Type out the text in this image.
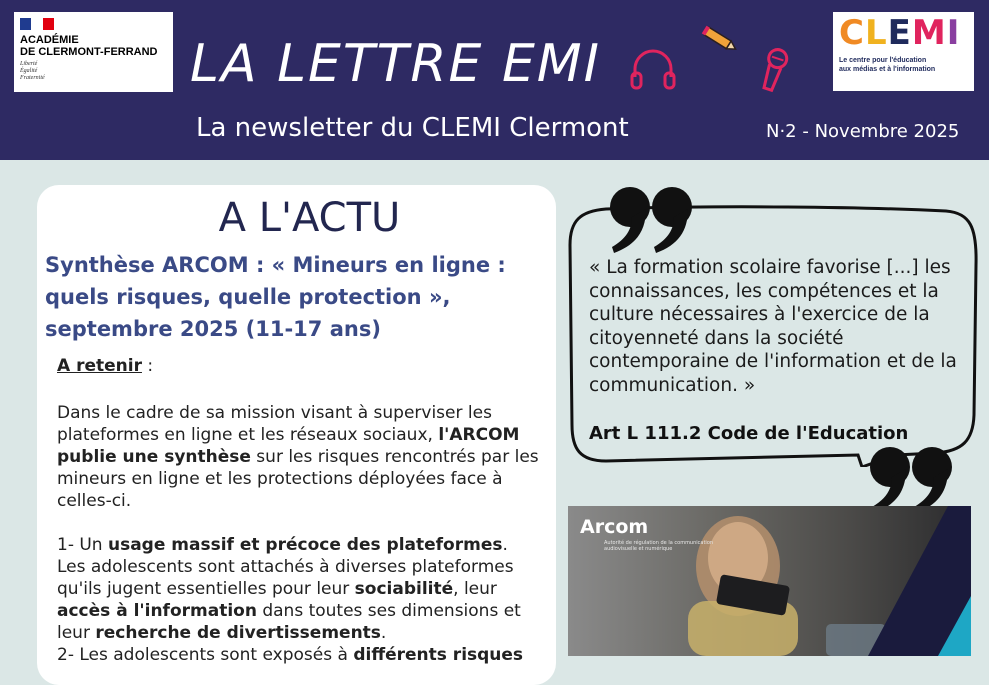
ACADÉMIE
DE CLERMONT-FERRAND
Liberté
Égalité
Fraternité	LA LETTRE EMI
La newsletter du CLEMI Clermont	N·2 - Novembre 2025
CLEMI
Le centre pour l'éducation
aux médias et à l'information
A L'ACTU
Synthèse ARCOM : « Mineurs en ligne : quels risques, quelle protection », septembre 2025 (11-17 ans)
A retenir :

Dans le cadre de sa mission visant à superviser les plateformes en ligne et les réseaux sociaux, l'ARCOM publie une synthèse sur les risques rencontrés par les mineurs en ligne et les protections déployées face à celles-ci.

1- Un usage massif et précoce des plateformes.

Les adolescents sont attachés à diverses plateformes qu'ils jugent essentielles pour leur sociabilité, leur accès à l'information dans toutes ses dimensions et leur recherche de divertissements.

2- Les adolescents sont exposés à différents risques

« La formation scolaire favorise [...] les connaissances, les compétences et la culture nécessaires à l'exercice de la citoyenneté dans la société contemporaine de l'information et de la communication. »
Art L 111.2 Code de l'Education
Arcom
Autorité de régulation de la communication audiovisuelle et numérique
